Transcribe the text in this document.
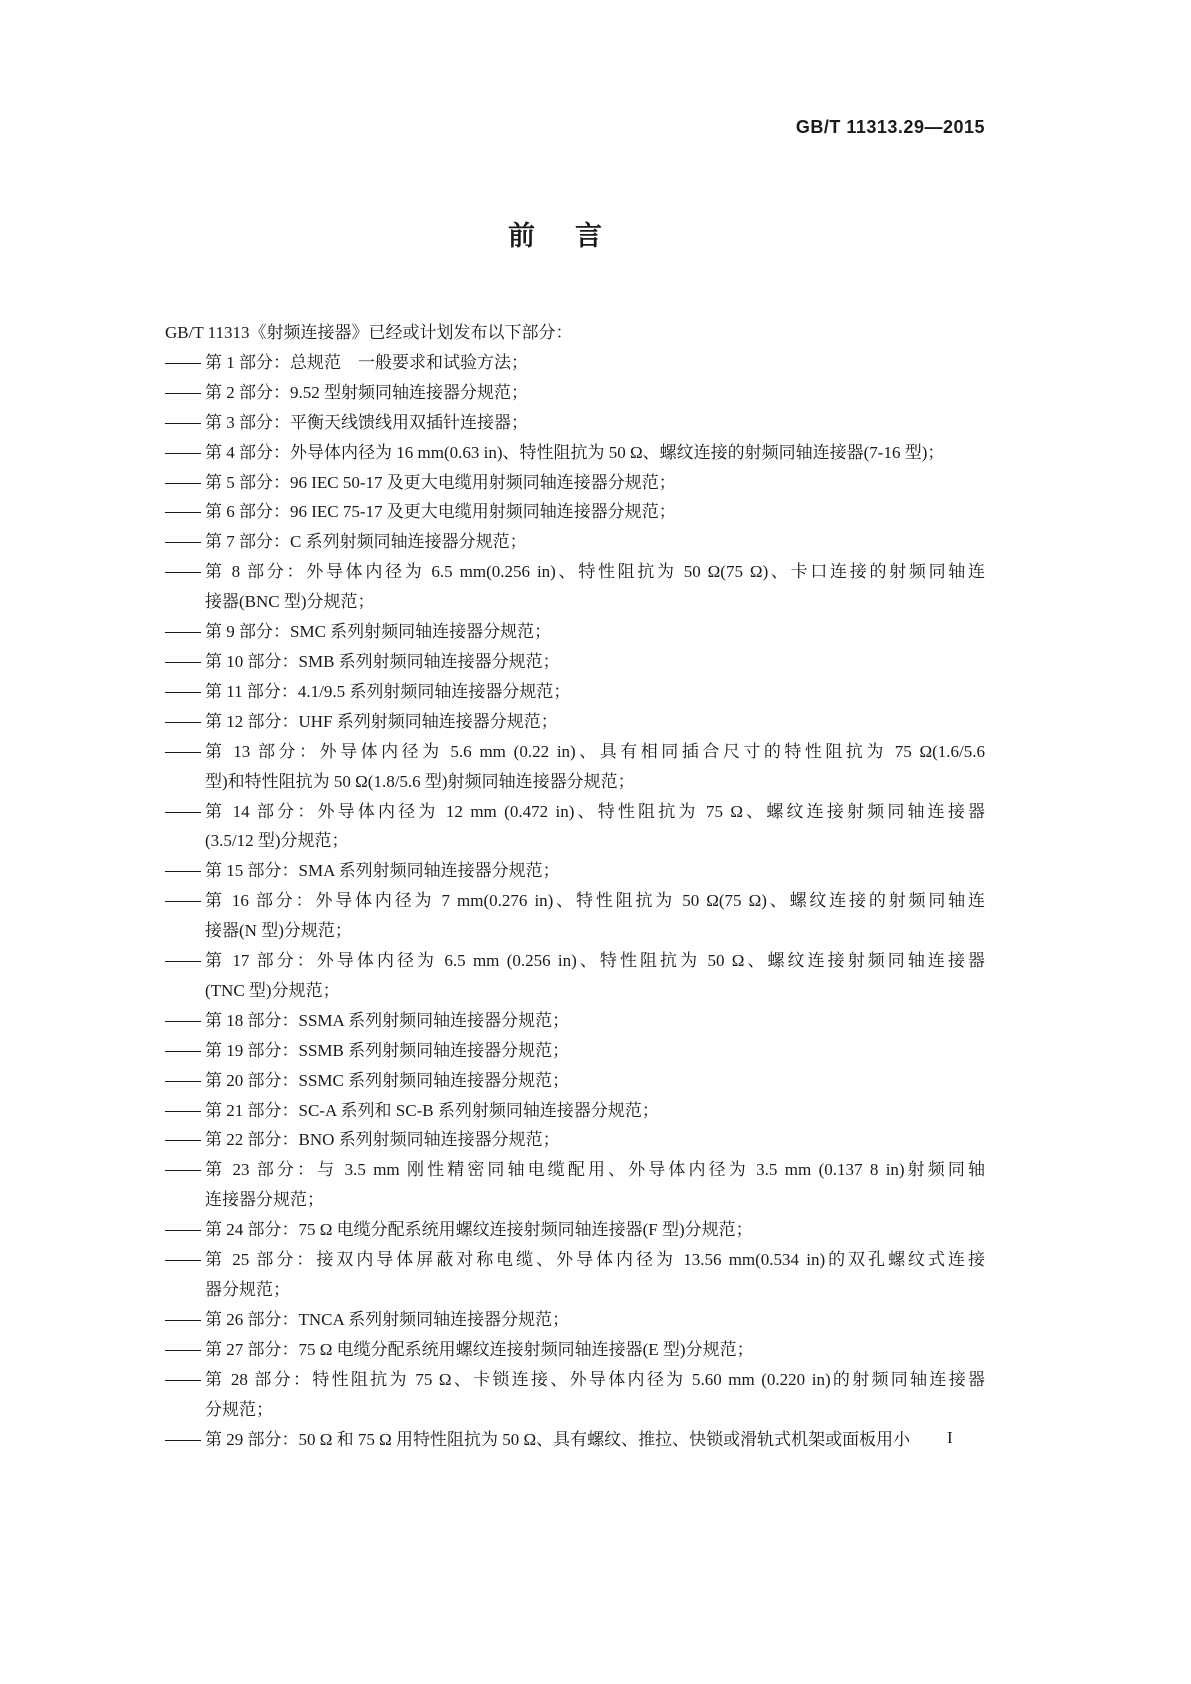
GB/T 11313.29—2015
前言
GB/T 11313《射频连接器》已经或计划发布以下部分：
第 1 部分：总规范　一般要求和试验方法；
第 2 部分：9.52 型射频同轴连接器分规范；
第 3 部分：平衡天线馈线用双插针连接器；
第 4 部分：外导体内径为 16 mm(0.63 in)、特性阻抗为 50 Ω、螺纹连接的射频同轴连接器(7-16 型)；
第 5 部分：96 IEC 50-17 及更大电缆用射频同轴连接器分规范；
第 6 部分：96 IEC 75-17 及更大电缆用射频同轴连接器分规范；
第 7 部分：C 系列射频同轴连接器分规范；
第 8 部分：外导体内径为 6.5 mm(0.256 in)、特性阻抗为 50 Ω(75 Ω)、卡口连接的射频同轴连
接器(BNC 型)分规范；
第 9 部分：SMC 系列射频同轴连接器分规范；
第 10 部分：SMB 系列射频同轴连接器分规范；
第 11 部分：4.1/9.5 系列射频同轴连接器分规范；
第 12 部分：UHF 系列射频同轴连接器分规范；
第 13 部分：外导体内径为 5.6 mm (0.22 in)、具有相同插合尺寸的特性阻抗为 75 Ω(1.6/5.6
型)和特性阻抗为 50 Ω(1.8/5.6 型)射频同轴连接器分规范；
第 14 部分：外导体内径为 12 mm (0.472 in)、特性阻抗为 75 Ω、螺纹连接射频同轴连接器
(3.5/12 型)分规范；
第 15 部分：SMA 系列射频同轴连接器分规范；
第 16 部分：外导体内径为 7 mm(0.276 in)、特性阻抗为 50 Ω(75 Ω)、螺纹连接的射频同轴连
接器(N 型)分规范；
第 17 部分：外导体内径为 6.5 mm (0.256 in)、特性阻抗为 50 Ω、螺纹连接射频同轴连接器
(TNC 型)分规范；
第 18 部分：SSMA 系列射频同轴连接器分规范；
第 19 部分：SSMB 系列射频同轴连接器分规范；
第 20 部分：SSMC 系列射频同轴连接器分规范；
第 21 部分：SC-A 系列和 SC-B 系列射频同轴连接器分规范；
第 22 部分：BNO 系列射频同轴连接器分规范；
第 23 部分：与 3.5 mm 刚性精密同轴电缆配用、外导体内径为 3.5 mm (0.137 8 in)射频同轴
连接器分规范；
第 24 部分：75 Ω 电缆分配系统用螺纹连接射频同轴连接器(F 型)分规范；
第 25 部分：接双内导体屏蔽对称电缆、外导体内径为 13.56 mm(0.534 in)的双孔螺纹式连接
器分规范；
第 26 部分：TNCA 系列射频同轴连接器分规范；
第 27 部分：75 Ω 电缆分配系统用螺纹连接射频同轴连接器(E 型)分规范；
第 28 部分：特性阻抗为 75 Ω、卡锁连接、外导体内径为 5.60 mm (0.220 in)的射频同轴连接器
分规范；
第 29 部分：50 Ω 和 75 Ω 用特性阻抗为 50 Ω、具有螺纹、推拉、快锁或滑轨式机架或面板用小	I
